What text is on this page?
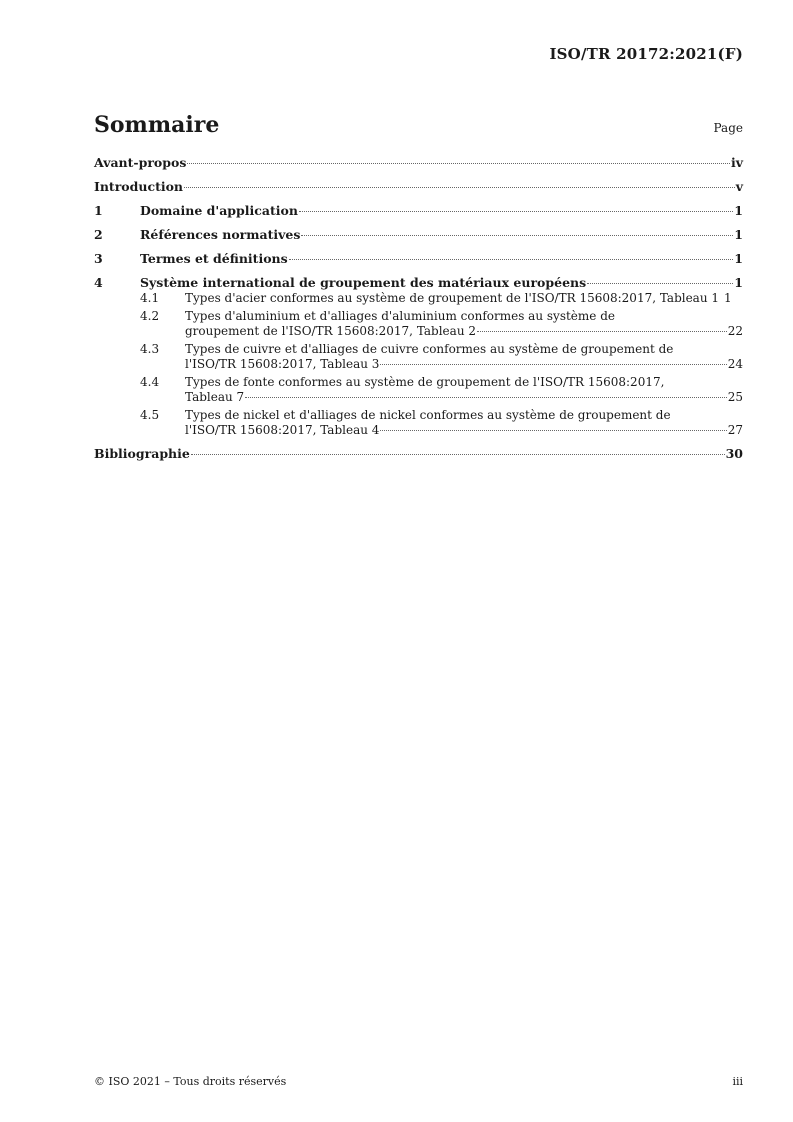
ISO/TR 20172:2021(F)
Sommaire	Page
Avant-propos	iv
Introduction	v
1	Domaine d'application	1
2	Références normatives	1
3	Termes et définitions	1
4	Système international de groupement des matériaux européens	1
4.1	Types d'acier conformes au système de groupement de l'ISO/TR 15608:2017, Tableau 1 1
4.2	Types d'aluminium et d'alliages d'aluminium conformes au système de
groupement de l'ISO/TR 15608:2017, Tableau 2	22
4.3	Types de cuivre et d'alliages de cuivre conformes au système de groupement de
l'ISO/TR 15608:2017, Tableau 3	24
4.4	Types de fonte conformes au système de groupement de l'ISO/TR 15608:2017,
Tableau 7	25
4.5	Types de nickel et d'alliages de nickel conformes au système de groupement de
l'ISO/TR 15608:2017, Tableau 4	27
Bibliographie	30
© ISO 2021 – Tous droits réservés	iii
